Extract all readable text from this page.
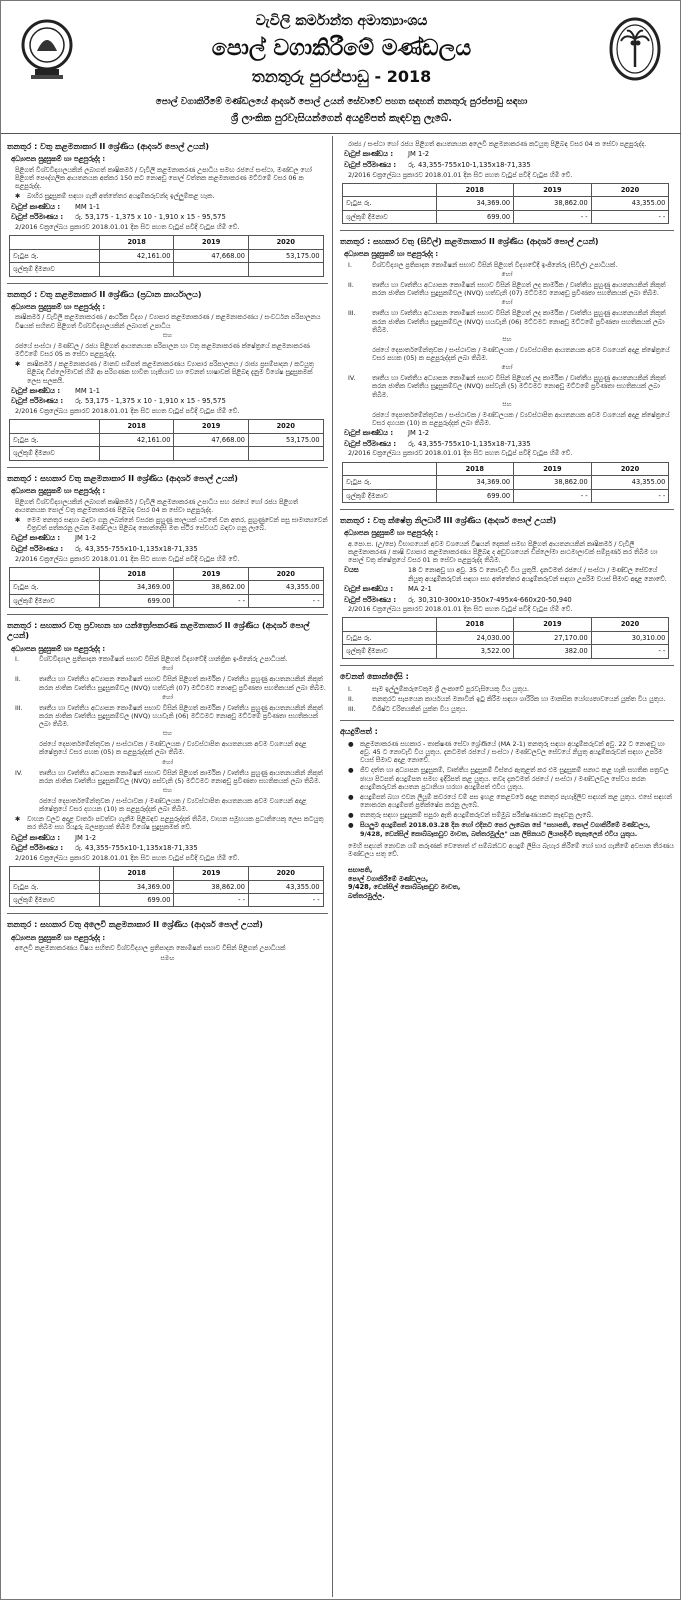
වැවිලි කර්මාන්ත අමාත්‍යාංශය
පොල් වගාකිරීමේ මණ්ඩලය
තනතුරු පුරප්පාඩු - 2018
පොල් වගාකිරීමේ මණ්ඩලයේ ආදර්ශ පොල් උයන් සේවාවේ පහත සඳහන් තනතුරු පුරප්පාඩු සඳහා
ශ්‍රී ලාංකික පුරවැසියන්ගෙන් අයදුම්පත් කැඳවනු ලැබේ.
තනතුර : වතු කළමනාකාර II ශ්‍රේණිය (ආදර්ශ පොල් උයන්)
අධ්‍යාපන සුදුසුකම් හා පළපුරුද්ද :
පිළිගත් විශ්වවිද්‍යාලයකින් ලබාගත් කෘෂිකර්ම / වැවිලි කළමනාකරණ උපාධිය සමඟ රජයේ සංස්ථා, මණ්ඩල හෝ පිළිගත් පෞද්ගලික ආයතනයක අක්කර 150 කට නොඅඩු පොල් වත්තක කළමනාකරණ මට්ටමේ වසර 06 ක පළපුරුද්ද.
✱	බාහිර සුදුසුකම් සඳහා ගැනී අත්තේතර අයදුම්කරුවන්ද ඉල්ලුම්කළ හැක.
වැටුප් කාණ්ඩය :	MM 1-1
වැටුප් පරිමාණය :	රු. 53,175 - 1,375 x 10 - 1,910 x 15 - 95,575
2/2016 චක්‍රලේඛය ප්‍රකාරව 2018.01.01 දින සිට පහත වැටුප් පවිදි වැටුප හිමි වේ.
	2018	2019	2020
වැටුප රු.	42,161.00	47,668.00	53,175.00
ශුල්කුම් දීමනාව			
තනතුර : වතු කළමනාකාර II ශ්‍රේණිය (ප්‍රධාන කාර්යාලය)
අධ්‍යාපන සුදුසුකම් හා පළපුරුද්ද :
කෘෂිකර්ම / වැවිලි කළමනාකරණ / ආර්ථික විද්‍යා / ව්‍යාපාර කළමනාකරණ / කළමනාකරණය / සංවර්ධන පරිපාලනය විෂයක් සහිතව පිළිගත් විශ්වවිද්‍යාලයකින් ලබාගත් උපාධිය
සහ
රජයේ සංස්ථා / මණ්ඩල / රජය පිළිගත් ආයතනයක පරිපාලන හා වතු කළමනාකරණ ක්ෂේත්‍රයේ කළමනාකරණ මට්ටමේ වසර 05 ක සේවා පළපුරුද්ද.
✱	කෘෂිකර්ම / කළමනාකරණ / මානව සම්පත් කළමනාකරණය ව්‍යාපාර පරිපාලනය / රාජ්‍ය ප්‍රසම්පාදන / කටයුතු පිළිබඳ ඩිප්ලෝමාවක් හිමි ආ පරිගණක භාවිත හැකියාව හා වෙනත් භාෂාවක් පිළිබඳ දැනුම විශේෂ සුදුසුකමක් ලෙස සලකයි.
වැටුප් කාණ්ඩය :	MM 1-1
වැටුප් පරිමාණය :	රු. 53,175 - 1,375 x 10 - 1,910 x 15 - 95,575
2/2016 චක්‍රලේඛය ප්‍රකාරව 2018.01.01 දින සිට පහත වැටුප් පවිදි වැටුප හිමි වේ.
	2018	2019	2020
වැටුප රු.	42,161.00	47,668.00	53,175.00
ශුල්කුම් දීමනාව			
තනතුර : සහකාර වතු කළමනාකාර II ශ්‍රේණිය (ආදර්ශ පොල් උයන්)
අධ්‍යාපන සුදුසුකම් හා පළපුරුද්ද :
පිළිගත් විශ්වවිද්‍යාලයකින් ලබාගත් කෘෂිකර්ම / වැවිලි කළමනාකරණ උපාධිය සහ රජයේ හෝ රජය පිළිගත් ආයතනයක පොල් වතු කළමනාකරණ පිළිබඳ වසර 04 ක සේවා පළපුරුද්ද.
✱	මෙම තනතුර සඳහා බඳවා ගනු ලබන්නේ වසරක පුහුණු කාලයක් යටතේ වන අතර, පුහුණුවෙන් පසු සාමාන්‍යවෙන් චිත්‍රවත් පත්කරනු ලබන මණ්ඩලය පිළිබඳ කොන්දේසි මත ස්ථිර සේවයට බඳවා ගනු ලැබේ.
වැටුප් කාණ්ඩය :	JM 1-2
වැටුප් පරිමාණය :	රු. 43,355-755x10-1,135x18-71,335
2/2016 චක්‍රලේඛය ප්‍රකාරව 2018.01.01 දින සිට පහත වැටුප් පවිදි වැටුප හිමි වේ.
	2018	2019	2020
වැටුප රු.	34,369.00	38,862.00	43,355.00
ශුල්කුම් දීමනාව	699.00	- -	- -
තනතුර : සහකාර වතු ප්‍රවාහන හා යන්ත්‍රෝපකරණ කළමනාකාර II ශ්‍රේණිය (ආදර්ශ පොල් උයන්)
අධ්‍යාපන සුදුසුකම් හා පළපුරුද්ද :
I.	විශ්වවිද්‍යාල ප්‍රතිපාදන කොමිෂන් සභාව විසින් පිළිගත් විද්‍යාවේදී යාන්ත්‍රික ඉංජිනේරු උපාධියක්.
හෝ
II.	තෘතීය හා වෘත්තීය අධ්‍යාපන කොමිෂන් සභාව විසින් පිළිගත් කාර්මික / වෘත්තීය පුහුණු ආයතනයකින් නිකුත් කරන ජාතික වෘත්තීය සුදුසුකම්වල (NVQ) හත්වැනි (07) මට්ටමට නොඅඩු ප්‍රවීණතා සහතිකයක් ලබා තිබීම.
හෝ
III.	තෘතීය හා වෘත්තීය අධ්‍යාපන කොමිෂන් සභාව විසින් පිළිගත් කාර්මික / වෘත්තීය පුහුණු ආයතනයකින් නිකුත් කරන ජාතික වෘත්තීය සුදුසුකම්වල (NVQ) හයවැනි (06) මට්ටමට නොඅඩු මට්ටමේ ප්‍රවීණතා සහතිකයක් ලබා තිබීම.
සහ
රජයේ දෙපාර්තමේන්තුවක / සංස්ථාවක / මණ්ඩලයක / ව්‍යවස්ථාපිත ආයතනයක අවම වශයෙන් අදාළ ක්ෂේත්‍රයේ වසර පහක (05) ක පළපුරුද්දක් ලබා තිබීම.
හෝ
IV.	තෘතීය හා වෘත්තීය අධ්‍යාපන කොමිෂන් සභාව විසින් පිළිගත් කාර්මික / වෘත්තීය පුහුණු ආයතනයකින් නිකුත් කරන ජාතික වෘත්තීය සුදුසුකම්වල (NVQ) පස්වැනි (5) මට්ටමට නොඅඩු ප්‍රවීණතා සහතිකයක් ලබා තිබීම.
සහ
රජයේ දෙපාර්තමේන්තුවක / සංස්ථාවක / මණ්ඩලයක / ව්‍යවස්ථාපිත ආයතනයක අවම වශයෙන් අදාළ ක්ෂේත්‍රයේ වසර දහයක (10) ක පළපුරුද්දක් ලබා තිබීම.
✱	වාහන වලට අදාළ වාර්තා පවත්වා ගැනීම පිළිබඳව පළපුරුද්දක් තිබීම, වාහන සමූහයක ප්‍රධානියෙකු ලෙස කටයුතු කර තිබීම සහ රියදුරු බලපත්‍රයක් තිබීම විශේෂ සුදුසුකමක් වේ.
වැටුප් කාණ්ඩය :	JM 1-2
වැටුප් පරිමාණය :	රු. 43,355-755x10-1,135x18-71,335
2/2016 චක්‍රලේඛය ප්‍රකාරව 2018.01.01 දින සිට පහත වැටුප් පවිදි වැටුප හිමි වේ.
	2018	2019	2020
වැටුප රු.	34,369.00	38,862.00	43,355.00
ශුල්කුම් දීමනාව	699.00	- -	- -
තනතුර : සහකාර වතු අලෙවි කළමනාකාර II ශ්‍රේණිය (ආදර්ශ පොල් උයන්)
අධ්‍යාපන සුදුසුකම් හා පළපුරුද්ද :
අලෙවි කළමනාකරණය විෂය සහිතව විශ්වවිද්‍යාල ප්‍රතිපාදන කොමිෂන් සභාව විසින් පිළිගත් උපාධියක්
සමඟ
රාජ්‍ය / සංස්ථා හෝ රජය පිළිගත් ආයතනයක අලෙවි කළමනාකරණ කටයුතු පිළිබඳ වසර 04 ක සේවා පළපුරුද්ද.
වැටුප් කාණ්ඩය :	JM 1-2
වැටුප් පරිමාණය :	රු. 43,355-755x10-1,135x18-71,335
2/2016 චක්‍රලේඛය ප්‍රකාරව 2018.01.01 දින සිට පහත වැටුප් පවිදි වැටුප හිමි වේ.
	2018	2019	2020
වැටුප රු.	34,369.00	38,862.00	43,355.00
ශුල්කුම් දීමනාව	699.00	- -	- -
තනතුර : සහකාර වතු (සිවිල්) කළමනාකාර II ශ්‍රේණිය (ආදර්ශ පොල් උයන්)
අධ්‍යාපන සුදුසුකම් හා පළපුරුද්ද :
I.	විශ්වවිද්‍යාල ප්‍රතිපාදන කොමිෂන් සභාව විසින් පිළිගත් විද්‍යාවේදී ඉංජිනේරු (සිවිල්) උපාධියක්.
හෝ
II.	තෘතීය හා වෘත්තීය අධ්‍යාපන කොමිෂන් සභාව විසින් පිළිගත් ලද කාර්මික / වෘත්තීය පුහුණු ආයතනයකින් නිකුත් කරන ජාතික වෘත්තීය සුදුසුකම්වල (NVQ) හත්වැනි (07) මට්ටමට නොඅඩු ප්‍රවීණතා සහතිකයක් ලබා තිබීම.
හෝ
III.	තෘතීය හා වෘත්තීය අධ්‍යාපන කොමිෂන් සභාව විසින් පිළිගත් ලද කාර්මික / වෘත්තීය පුහුණු ආයතනයකින් නිකුත් කරන ජාතික වෘත්තීය සුදුසුකම්වල (NVQ) හයවැනි (06) මට්ටමට නොඅඩු මට්ටමේ ප්‍රවීණතා සහතිකයක් ලබා තිබීම.
සහ
රජයේ දෙපාර්තමේන්තුවක / සංස්ථාවක / මණ්ඩලයක / ව්‍යවස්ථාපිත ආයතනයක අවම වශයෙන් අදාළ ක්ෂේත්‍රයේ වසර පහක (05) ක පළපුරුද්දක් ලබා තිබීම.
හෝ
IV.	තෘතීය හා වෘත්තීය අධ්‍යාපන කොමිෂන් සභාව විසින් පිළිගත් ලද කාර්මික / වෘත්තීය පුහුණු ආයතනයකින් නිකුත් කරන ජාතික වෘත්තීය සුදුසුකම්වල (NVQ) පස්වැනි (5) මට්ටමට නොඅඩු මට්ටමේ ප්‍රවීණතා සහතිකයක් ලබා තිබීම.
සහ
රජයේ දෙපාර්තමේන්තුවක / සංස්ථාවක / මණ්ඩලයක / ව්‍යවස්ථාපිත ආයතනයක අවම වශයෙන් අදාළ ක්ෂේත්‍රයේ වසර දහයක (10) ක පළපුරුද්දක් ලබා තිබීම.
වැටුප් කාණ්ඩය :	JM 1-2
වැටුප් පරිමාණය :	රු. 43,355-755x10-1,135x18-71,335
2/2016 චක්‍රලේඛය ප්‍රකාරව 2018.01.01 දින සිට පහත වැටුප් පවිදි වැටුප හිමි වේ.
	2018	2019	2020
වැටුප රු.	34,369.00	38,862.00	43,355.00
ශුල්කුම් දීමනාව	699.00	- -	- -
තනතුර : වතු ක්ෂේත්‍ර නිලධාරී III ශ්‍රේණිය (ආදර්ශ පොල් උයන්)
අධ්‍යාපන සුදුසුකම් හා පළපුරුද්ද :
අ.පො.ස. (උ/පෙ) විභාගයෙන් අවම වශයෙන් විෂයන් දෙකක් සමඟ පිළිගත් ආයතනයකින් කෘෂිකර්ම / වැවිලි කළමනාකරණ / කෘෂි ව්‍යාපාර කළමනාකරණය පිළිබඳ ද අඩුවශයෙන් ඩිප්ලෝමා පාඨමාලාවක් සම්පූර්ණ කර තිබීම හා පොල් වතු ක්ෂේත්‍රයේ වසර 01 ක සේවා පළපුරුද්ද තිබීම.
වයස	18 ට නොඅඩු හා අවු. 35 ට නොවැඩි විය යුතුයි. දැනටමත් රජයේ / සංස්ථා / මණ්ඩල සේවයේ නියුතු අයදුම්කරුවන් සඳහා සහ අත්තේතර අයදුම්කරුවන් සඳහා උපරිම වයස් සීමාව අදාළ නොවේ.
වැටුප් කාණ්ඩය :	MA 2-1
වැටුප් පරිමාණය :	රු. 30,310-300x10-350x7-495x4-660x20-50,940
2/2016 චක්‍රලේඛය ප්‍රකාරව 2018.01.01 දින සිට පහත වැටුප් පවිදි වැටුප හිමි වේ.
	2018	2019	2020
වැටුප රු.	24,030.00	27,170.00	30,310.00
ශුල්කුම් දීමනාව	3,522.00	382.00	- -
වෙනත් කොන්දේසි :
I.	සෑම ඉල්ලුම්කරුවෙකුම ශ්‍රී ලංකාවේ පුරවැසියෙකු විය යුතුය.
II.	තනතුරට සැපයෙන කාර්යයන් මනාවින් ඉටු කිරීම සඳහා ශාරීරික හා මානසික යෝග්‍යතාවයෙන් යුක්ත විය යුතුය.
III.	විශිෂ්ට චරිතයකින් යුක්ත විය යුතුය.
අයදුම්පත් :
●	කළමනාකරණ සහකාර - තාක්ෂණ සේවා ශ්‍රේණියේ (MA 2-1) තනතුරු සඳහා අයදුම්කරුවන් අවු. 22 ට නොඅඩු හා අවු. 45 ට නොවැඩි විය යුතුය. දැනටමත් රජයේ / සංස්ථා / මණ්ඩලවල සේවයේ නියුතු අයදුම්කරුවන් සඳහා උපරිම වයස් සීමාව අදාළ නොවේ.
●	ජීව දත්ත හා අධ්‍යාපන සුදුසුකම්, වෘත්තීය සුදුසුකම් විස්තර ඇතුළත් කර එම සුදුසුකම් සනාථ කළ හැකි සහතික පත්‍රවල ඡායා පිටපත් අයදුම්පත සමඟ ඉදිරිපත් කළ යුතුය. තවද දැනටමත් රජයේ / සංස්ථා / මණ්ඩලවල සේවය කරන අයදුම්කරුවන් ආයතන ප්‍රධානියා හරහා අයදුම්පත් එවිය යුතුය.
●	අයදුම්පත් බහා එවන ලියුම් කවරයේ වම් පස ඉහළ කෙළවරේ අදාළ තනතුර පැහැදිලිව සඳහන් කළ යුතුය. එසේ සඳහන් නොකරන අයදුම්පත් ප්‍රතික්ෂේප කරනු ලැබේ.
●	තනතුරු සඳහා සුදුසුකම් සපුරා ඇති අයදුම්කරුවන් සම්මුඛ පරීක්ෂණයකට කැඳවනු ලැබේ.
●	සියලුම අයදුම්පත් 2018.03.28 දින හෝ එදිනට පෙර ලැබෙන සේ "සභාපති, පොල් වගාකිරීමේ මණ්ඩලය, 9/428, ඩෙන්සිල් කොබ්බෑකඩුව මාවත, බත්තරමුල්ල" යන ලිපිනයට ලියාපදිංචි තැපෑලෙන් එවිය යුතුය.
මෙහි සඳහන් නොවන යම් කරුණක් වෙතොත් ඒ සම්බන්ධව අයදුම් ලිපිය බැහැර කිරීමේ හෝ භාර ගැනීමේ අවසාන තීරණය මණ්ඩලය සතු වේ.
සභාපති,
පොල් වගාකිරීමේ මණ්ඩලය,
9/428, ඩෙන්සිල් කොබ්බෑකඩුව මාවත,
බත්තරමුල්ල.
